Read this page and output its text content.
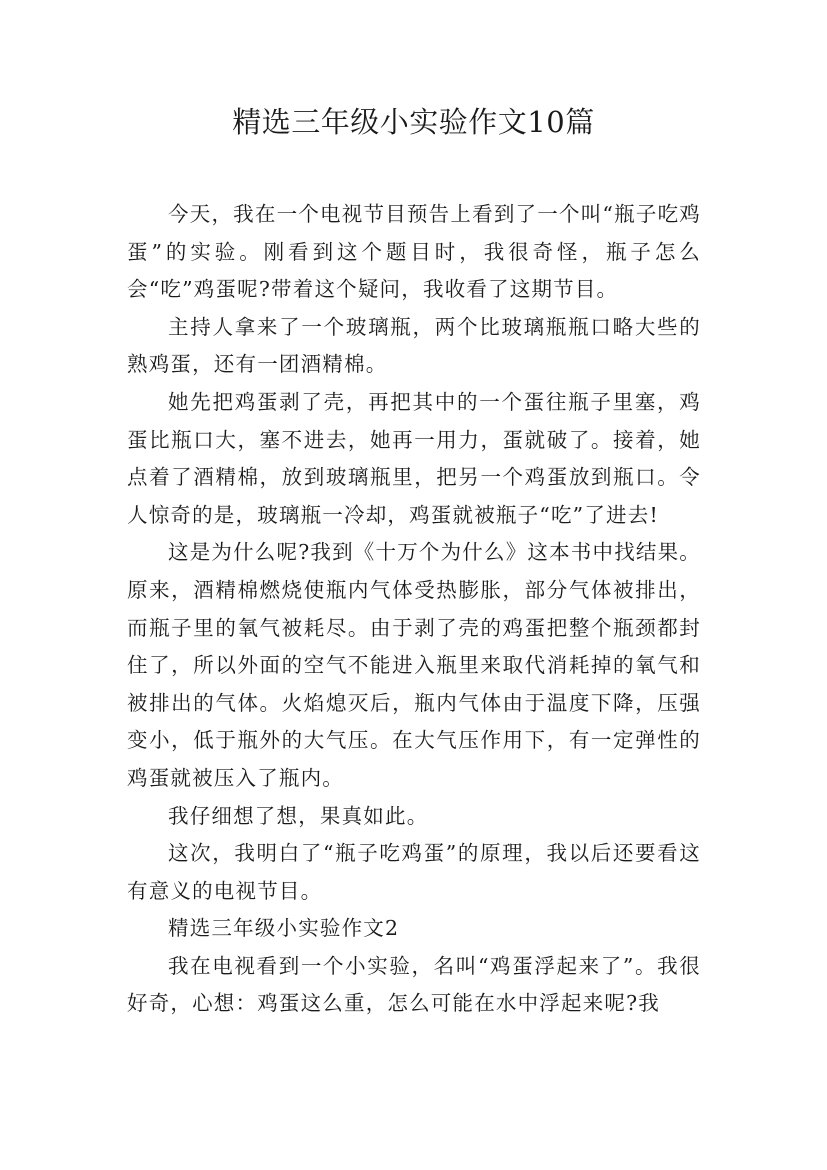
精选三年级小实验作文10篇

今天，我在一个电视节目预告上看到了一个叫“瓶子吃鸡蛋”的实验。刚看到这个题目时，我很奇怪，瓶子怎么会“吃”鸡蛋呢?带着这个疑问，我收看了这期节目。

主持人拿来了一个玻璃瓶，两个比玻璃瓶瓶口略大些的熟鸡蛋，还有一团酒精棉。

她先把鸡蛋剥了壳，再把其中的一个蛋往瓶子里塞，鸡蛋比瓶口大，塞不进去，她再一用力，蛋就破了。接着，她点着了酒精棉，放到玻璃瓶里，把另一个鸡蛋放到瓶口。令人惊奇的是，玻璃瓶一冷却，鸡蛋就被瓶子“吃”了进去!

这是为什么呢?我到《十万个为什么》这本书中找结果。原来，酒精棉燃烧使瓶内气体受热膨胀，部分气体被排出，而瓶子里的氧气被耗尽。由于剥了壳的鸡蛋把整个瓶颈都封住了，所以外面的空气不能进入瓶里来取代消耗掉的氧气和被排出的气体。火焰熄灭后，瓶内气体由于温度下降，压强变小，低于瓶外的大气压。在大气压作用下，有一定弹性的鸡蛋就被压入了瓶内。

我仔细想了想，果真如此。

这次，我明白了“瓶子吃鸡蛋”的原理，我以后还要看这有意义的电视节目。

精选三年级小实验作文2

我在电视看到一个小实验，名叫“鸡蛋浮起来了”。我很好奇，心想：鸡蛋这么重，怎么可能在水中浮起来呢?我
